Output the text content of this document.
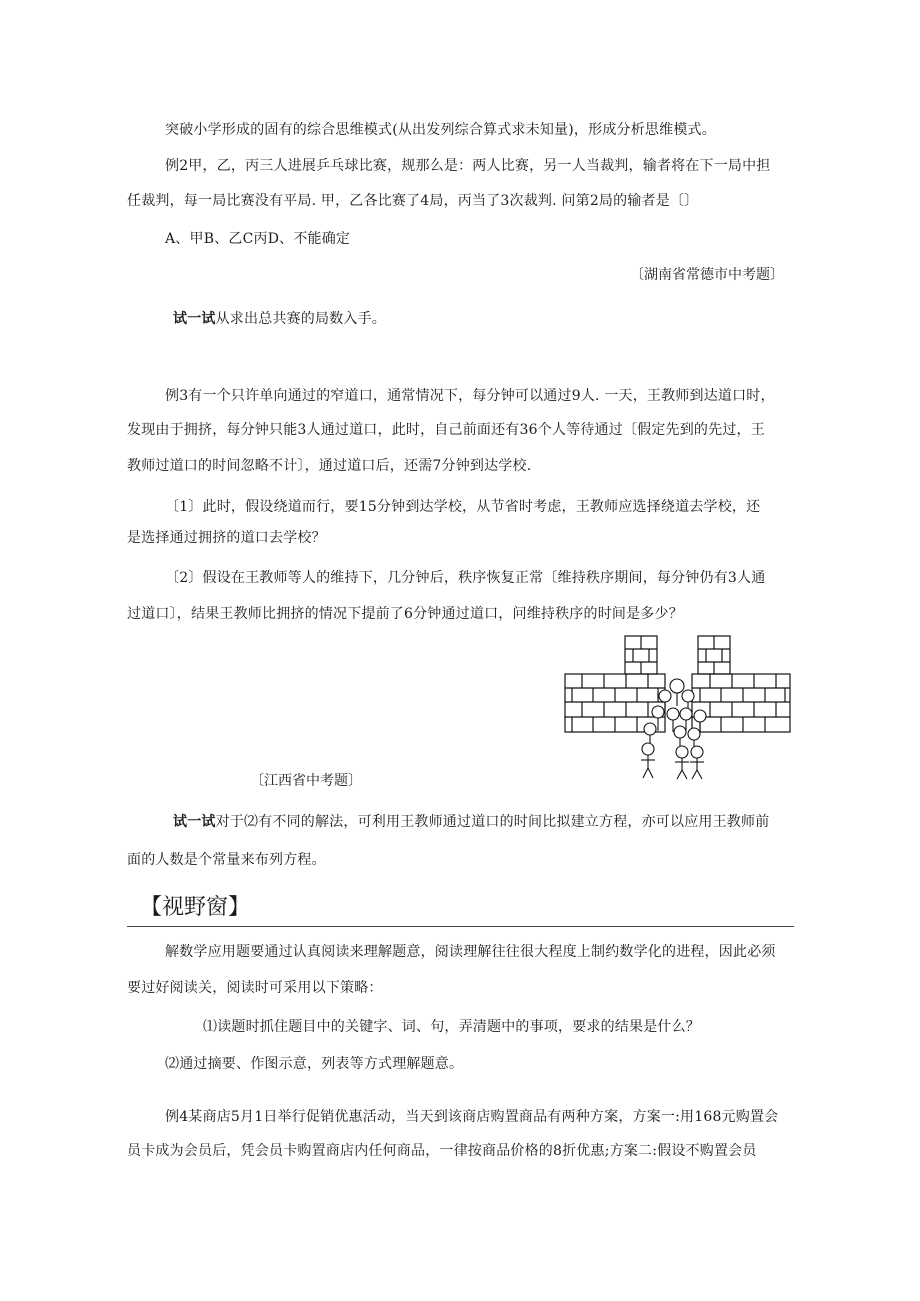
突破小学形成的固有的综合思维模式(从出发列综合算式求未知量)，形成分析思维模式。
例2甲，乙，丙三人进展乒乓球比赛，规那么是：两人比赛，另一人当裁判，输者将在下一局中担
任裁判，每一局比赛没有平局. 甲，乙各比赛了4局，丙当了3次裁判. 问第2局的输者是〔〕
A、甲B、乙C丙D、不能确定
〔湖南省常德市中考题〕
试一试从求出总共赛的局数入手。
例3有一个只许单向通过的窄道口，通常情况下，每分钟可以通过9人. 一天，王教师到达道口时，
发现由于拥挤，每分钟只能3人通过道口，此时，自己前面还有36个人等待通过〔假定先到的先过，王
教师过道口的时间忽略不计〕，通过道口后，还需7分钟到达学校.
〔1〕此时，假设绕道而行，要15分钟到达学校，从节省时考虑，王教师应选择绕道去学校，还
是选择通过拥挤的道口去学校？
〔2〕假设在王教师等人的维持下，几分钟后，秩序恢复正常〔维持秩序期间，每分钟仍有3人通
过道口〕，结果王教师比拥挤的情况下提前了6分钟通过道口，问维持秩序的时间是多少？
〔江西省中考题〕
试一试对于⑵有不同的解法，可利用王教师通过道口的时间比拟建立方程，亦可以应用王教师前
面的人数是个常量来布列方程。
【视野窗】
解数学应用题要通过认真阅读来理解题意，阅读理解往往很大程度上制约数学化的进程，因此必须
要过好阅读关，阅读时可采用以下策略：
⑴读题时抓住题目中的关键字、词、句，弄清题中的事项，要求的结果是什么？
⑵通过摘要、作图示意，列表等方式理解题意。
例4某商店5月1日举行促销优惠活动，当天到该商店购置商品有两种方案，方案一:用168元购置会
员卡成为会员后，凭会员卡购置商店内任何商品，一律按商品价格的8折优惠;方案二:假设不购置会员
